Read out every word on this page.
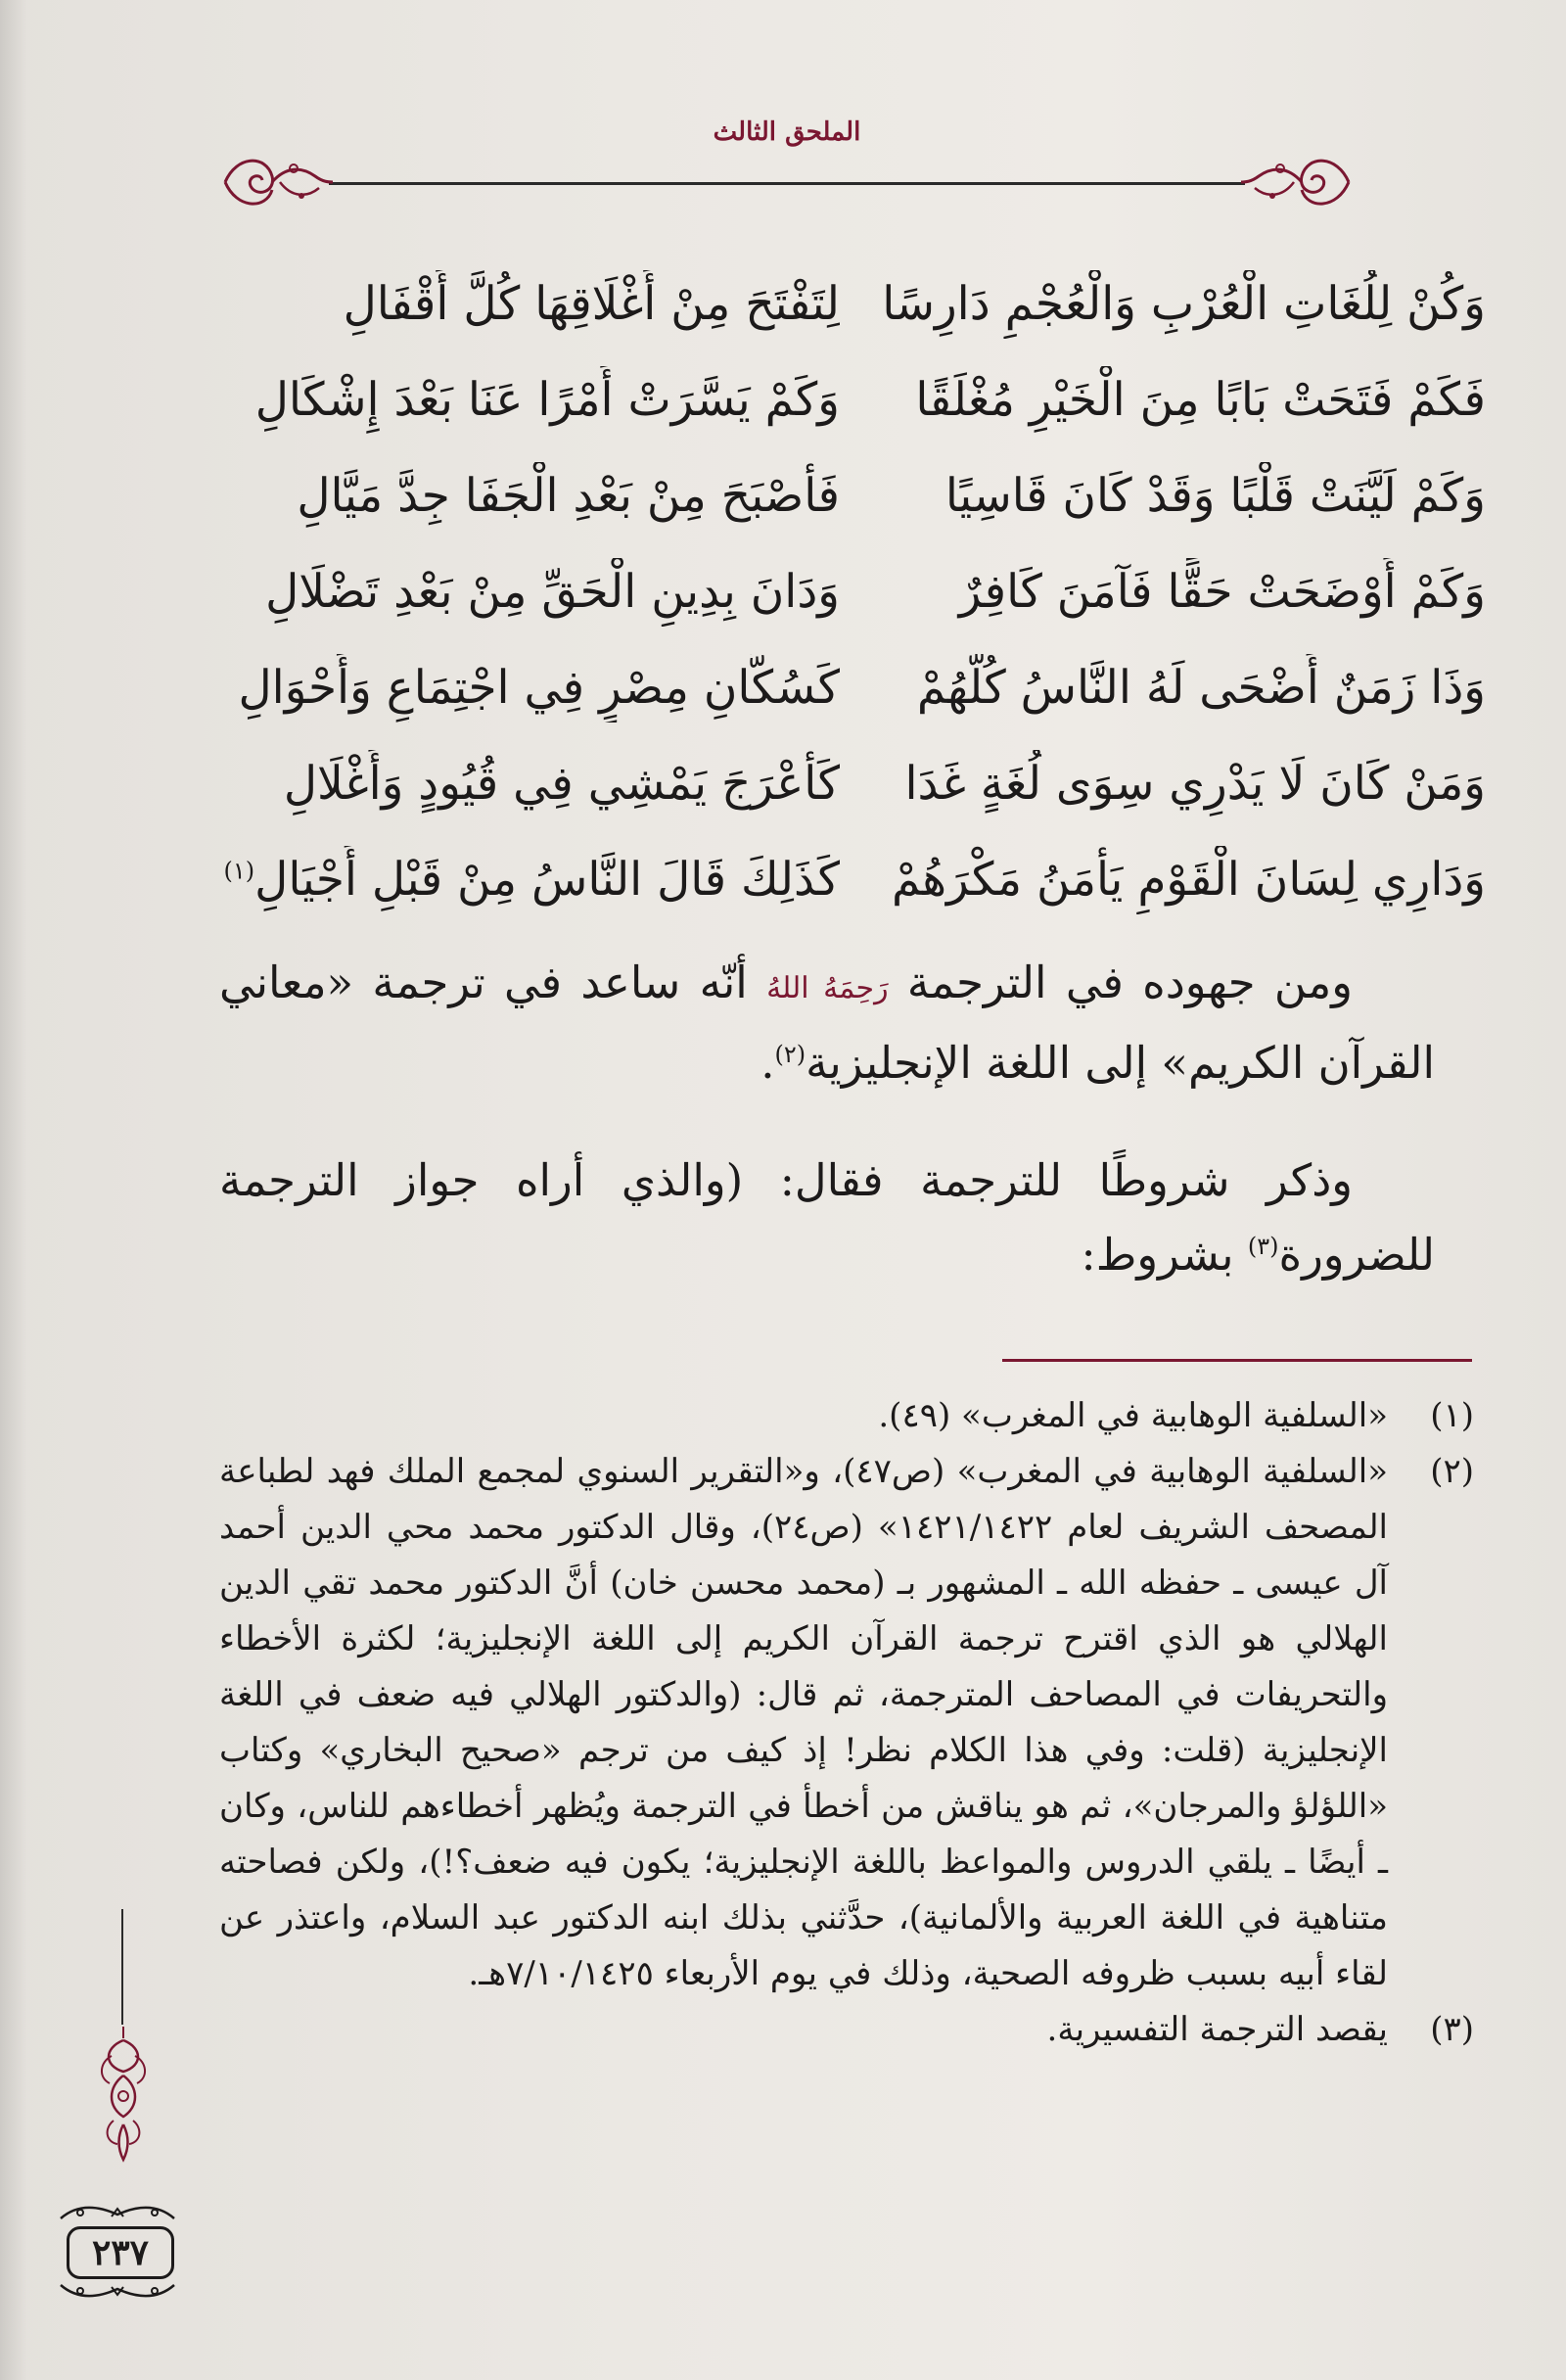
الملحق الثالث
وَكُنْ لِلُغَاتِ الْعُرْبِ وَالْعُجْمِ دَارِسًا
لِتَفْتَحَ مِنْ أَغْلَاقِهَا كُلَّ أَقْفَالِ
فَكَمْ فَتَحَتْ بَابًا مِنَ الْخَيْرِ مُغْلَقًا
وَكَمْ يَسَّرَتْ أَمْرًا عَنَا بَعْدَ إِشْكَالِ
وَكَمْ لَيَّنَتْ قَلْبًا وَقَدْ كَانَ قَاسِيًا
فَأَصْبَحَ مِنْ بَعْدِ الْجَفَا جِدَّ مَيَّالِ
وَكَمْ أَوْضَحَتْ حَقًّا فَآمَنَ كَافِرٌ
وَدَانَ بِدِينِ الْحَقِّ مِنْ بَعْدِ تَضْلَالِ
وَذَا زَمَنٌ أَضْحَى لَهُ النَّاسُ كُلُّهُمْ
كَسُكَّانِ مِصْرٍ فِي اجْتِمَاعٍ وَأَحْوَالِ
وَمَنْ كَانَ لَا يَدْرِي سِوَى لُغَةٍ غَدَا
كَأَعْرَجَ يَمْشِي فِي قُيُودٍ وَأَغْلَالِ
وَدَارِي لِسَانَ الْقَوْمِ يَأْمَنُ مَكْرَهُمْ
كَذَلِكَ قَالَ النَّاسُ مِنْ قَبْلِ أَجْيَالِ$^{(١)}$

ومن جهوده في الترجمة رَحِمَهُ اللهُ أنّه ساعد في ترجمة «معاني القرآن الكريم» إلى اللغة الإنجليزية$^{(٢)}$.

وذكر شروطًا للترجمة فقال: (والذي أراه جواز الترجمة للضرورة$^{(٣)}$ بشروط:

(١)
«السلفية الوهابية في المغرب» (٤٩).
(٢)
«السلفية الوهابية في المغرب» (ص٤٧)، و«التقرير السنوي لمجمع الملك فهد لطباعة المصحف الشريف لعام ١٤٢١/١٤٢٢» (ص٢٤)، وقال الدكتور محمد محي الدين أحمد آل عيسى ـ حفظه الله ـ المشهور بـ (محمد محسن خان) أنَّ الدكتور محمد تقي الدين الهلالي هو الذي اقترح ترجمة القرآن الكريم إلى اللغة الإنجليزية؛ لكثرة الأخطاء والتحريفات في المصاحف المترجمة، ثم قال: (والدكتور الهلالي فيه ضعف في اللغة الإنجليزية (قلت: وفي هذا الكلام نظر! إذ كيف من ترجم «صحيح البخاري» وكتاب «اللؤلؤ والمرجان»، ثم هو يناقش من أخطأ في الترجمة ويُظهر أخطاءهم للناس، وكان ـ أيضًا ـ يلقي الدروس والمواعظ باللغة الإنجليزية؛ يكون فيه ضعف؟!)، ولكن فصاحته متناهية في اللغة العربية والألمانية)، حدَّثني بذلك ابنه الدكتور عبد السلام، واعتذر عن لقاء أبيه بسبب ظروفه الصحية، وذلك في يوم الأربعاء ٧/١٠/١٤٢٥هـ.
(٣)
يقصد الترجمة التفسيرية.
٢٣٧
